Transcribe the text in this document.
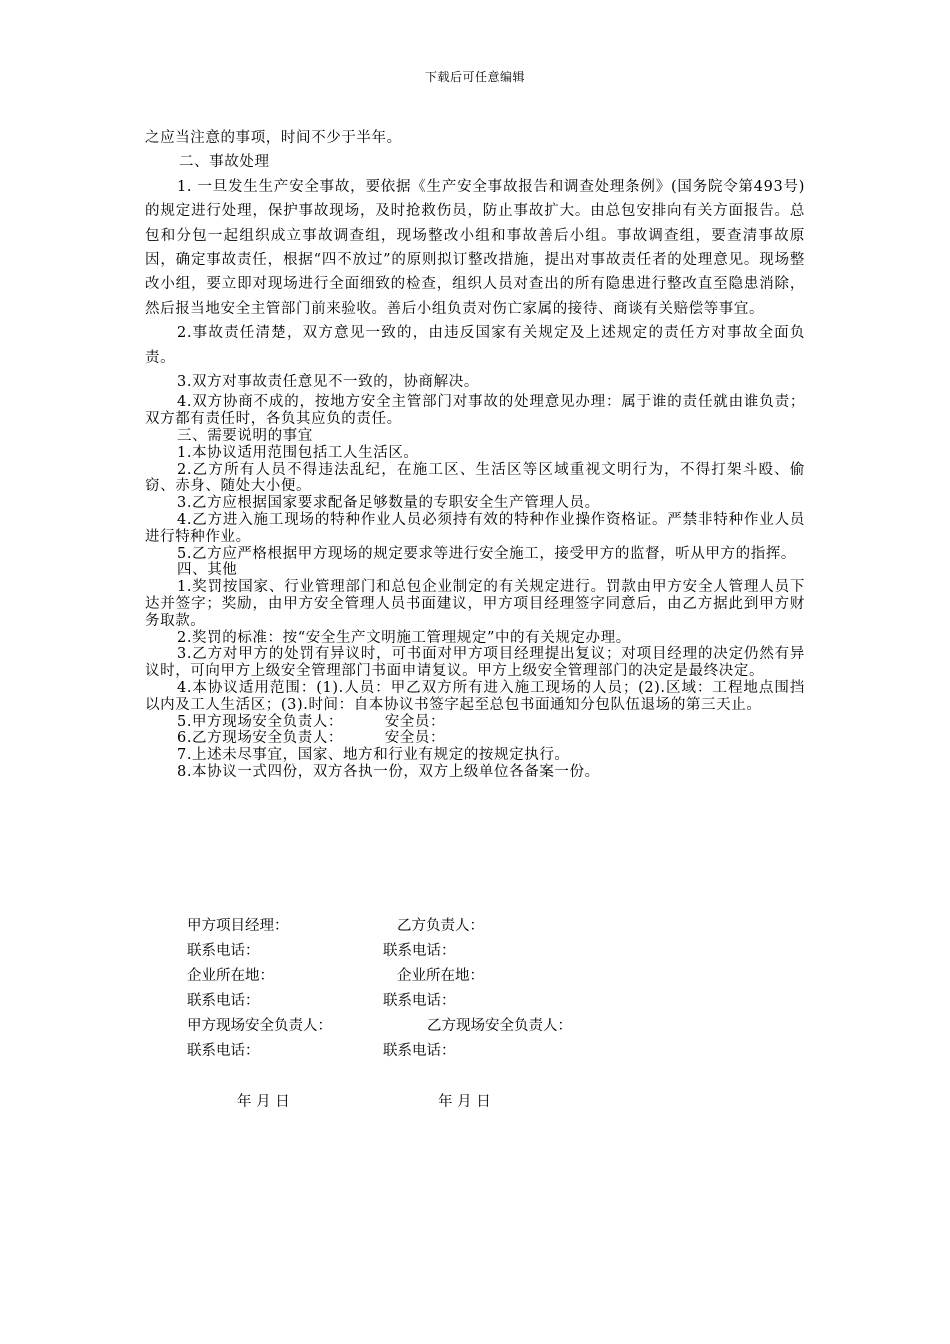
下载后可任意编辑

之应当注意的事项，时间不少于半年。

二、事故处理

1. 一旦发生生产安全事故，要依据《生产安全事故报告和调查处理条例》(国务院令第493号)的规定进行处理，保护事故现场，及时抢救伤员，防止事故扩大。由总包安排向有关方面报告。总包和分包一起组织成立事故调查组，现场整改小组和事故善后小组。事故调查组，要查清事故原因，确定事故责任，根据“四不放过”的原则拟订整改措施，提出对事故责任者的处理意见。现场整改小组，要立即对现场进行全面细致的检查，组织人员对查出的所有隐患进行整改直至隐患消除，然后报当地安全主管部门前来验收。善后小组负责对伤亡家属的接待、商谈有关赔偿等事宜。

2.事故责任清楚，双方意见一致的，由违反国家有关规定及上述规定的责任方对事故全面负责。

3.双方对事故责任意见不一致的，协商解决。

4.双方协商不成的，按地方安全主管部门对事故的处理意见办理：属于谁的责任就由谁负责；双方都有责任时，各负其应负的责任。

三、需要说明的事宜

1.本协议适用范围包括工人生活区。

2.乙方所有人员不得违法乱纪，在施工区、生活区等区域重视文明行为，不得打架斗殴、偷窃、赤身、随处大小便。

3.乙方应根据国家要求配备足够数量的专职安全生产管理人员。

4.乙方进入施工现场的特种作业人员必须持有效的特种作业操作资格证。严禁非特种作业人员进行特种作业。

5.乙方应严格根据甲方现场的规定要求等进行安全施工，接受甲方的监督，听从甲方的指挥。

四、其他

1.奖罚按国家、行业管理部门和总包企业制定的有关规定进行。罚款由甲方安全人管理人员下达并签字；奖励，由甲方安全管理人员书面建议，甲方项目经理签字同意后，由乙方据此到甲方财务取款。

2.奖罚的标准：按“安全生产文明施工管理规定”中的有关规定办理。

3.乙方对甲方的处罚有异议时，可书面对甲方项目经理提出复议；对项目经理的决定仍然有异议时，可向甲方上级安全管理部门书面申请复议。甲方上级安全管理部门的决定是最终决定。

4.本协议适用范围：(1).人员：甲乙双方所有进入施工现场的人员；(2).区域：工程地点围挡以内及工人生活区；(3).时间：自本协议书签字起至总包书面通知分包队伍退场的第三天止。

5.甲方现场安全负责人：        安全员：

6.乙方现场安全负责人：        安全员：

7.上述未尽事宜，国家、地方和行业有规定的按规定执行。

8.本协议一式四份，双方各执一份，双方上级单位各备案一份。

甲方项目经理：	乙方负责人：
联系电话：	联系电话：
企业所在地：	企业所在地：
联系电话：	联系电话：
甲方现场安全负责人：	乙方现场安全负责人：
联系电话：	联系电话：
年 月 日	年 月 日
